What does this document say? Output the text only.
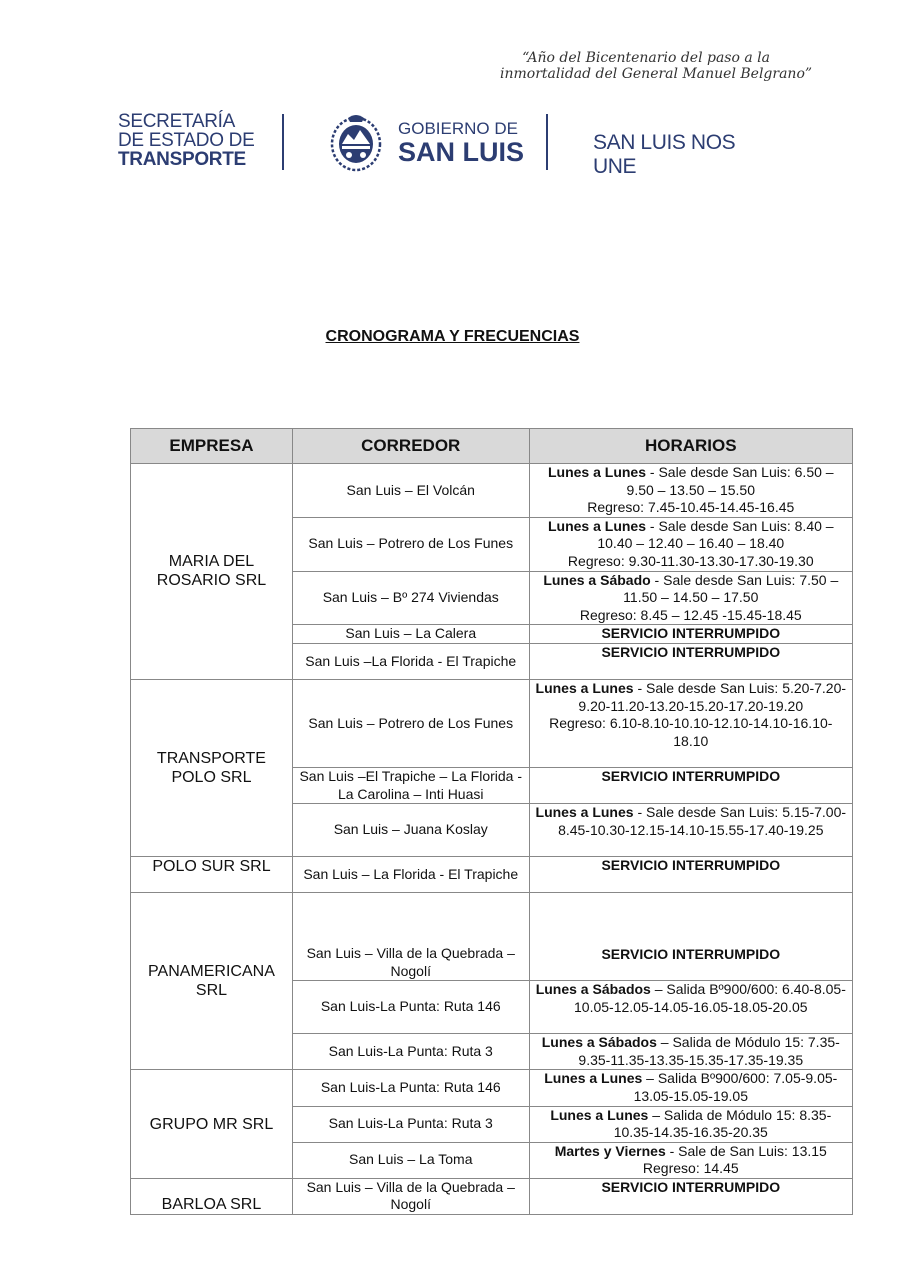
“Año del Bicentenario del paso a la
inmortalidad del General Manuel Belgrano”
SECRETARÍA
DE ESTADO DE
TRANSPORTE
GOBIERNO DE
SAN LUIS	SAN LUIS NOS UNE
CRONOGRAMA Y FRECUENCIAS
EMPRESA	CORREDOR	HORARIOS
MARIA DEL ROSARIO SRL	San Luis – El Volcán	Lunes a Lunes - Sale desde San Luis: 6.50 – 9.50 – 13.50 – 15.50
Regreso: 7.45-10.45-14.45-16.45
	San Luis – Potrero de Los Funes	Lunes a Lunes - Sale desde San Luis: 8.40 – 10.40 – 12.40 – 16.40 – 18.40
Regreso: 9.30-11.30-13.30-17.30-19.30
	San Luis – Bº 274 Viviendas	Lunes a Sábado - Sale desde San Luis: 7.50 – 11.50 – 14.50 – 17.50
Regreso: 8.45 – 12.45 -15.45-18.45
	San Luis – La Calera	SERVICIO INTERRUMPIDO
	San Luis –La Florida - El Trapiche	SERVICIO INTERRUMPIDO
TRANSPORTE POLO SRL	San Luis – Potrero de Los Funes	Lunes a Lunes - Sale desde San Luis: 5.20-7.20-9.20-11.20-13.20-15.20-17.20-19.20
Regreso: 6.10-8.10-10.10-12.10-14.10-16.10-18.10
	San Luis –El Trapiche – La Florida - La Carolina – Inti Huasi	SERVICIO INTERRUMPIDO
	San Luis – Juana Koslay	Lunes a Lunes - Sale desde San Luis: 5.15-7.00-8.45-10.30-12.15-14.10-15.55-17.40-19.25
POLO SUR SRL	San Luis – La Florida - El Trapiche	SERVICIO INTERRUMPIDO
PANAMERICANA SRL	San Luis – Villa de la Quebrada –Nogolí	SERVICIO INTERRUMPIDO
	San Luis-La Punta: Ruta 146	Lunes a Sábados – Salida Bº900/600: 6.40-8.05-10.05-12.05-14.05-16.05-18.05-20.05
	San Luis-La Punta: Ruta 3	Lunes a Sábados – Salida de Módulo 15: 7.35-9.35-11.35-13.35-15.35-17.35-19.35
GRUPO MR SRL	San Luis-La Punta: Ruta 146	Lunes a Lunes – Salida Bº900/600: 7.05-9.05-13.05-15.05-19.05
	San Luis-La Punta: Ruta 3	Lunes a Lunes – Salida de Módulo 15: 8.35-10.35-14.35-16.35-20.35
	San Luis – La Toma	Martes y Viernes - Sale de San Luis: 13.15
Regreso: 14.45
BARLOA SRL	San Luis – Villa de la Quebrada –Nogolí	SERVICIO INTERRUMPIDO
